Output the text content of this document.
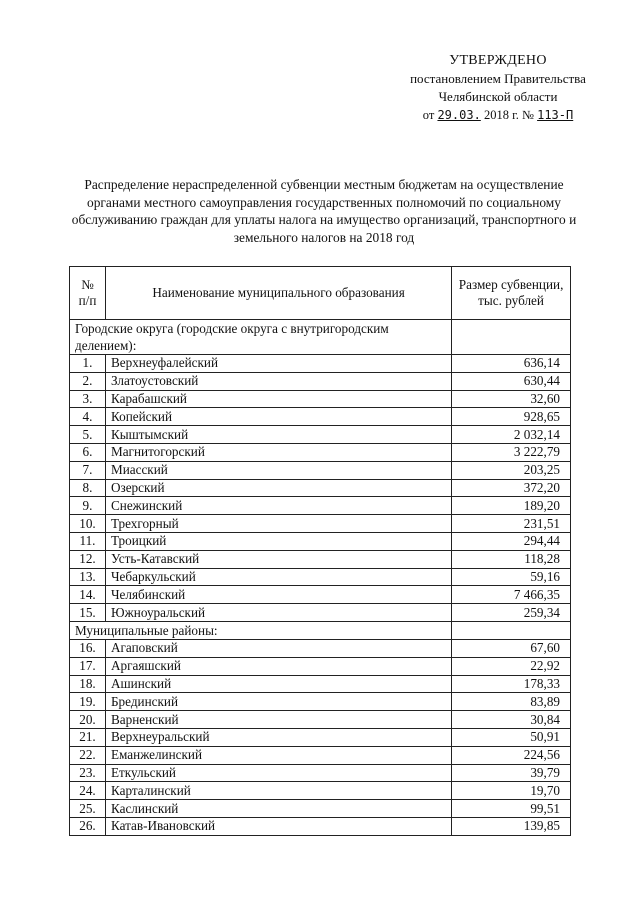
УТВЕРЖДЕНО
постановлением Правительства
Челябинской области
от 29.03. 2018 г. № 113-П
Распределение нераспределенной субвенции местным бюджетам на осуществление органами местного самоуправления государственных полномочий по социальному обслуживанию граждан для уплаты налога на имущество организаций, транспортного и земельного налогов на 2018 год
№ п/п	Наименование муниципального образования	Размер субвенции, тыс. рублей
Городские округа (городские округа с внутригородским делением):		
1.	Верхнеуфалейский	636,14
2.	Златоустовский	630,44
3.	Карабашский	32,60
4.	Копейский	928,65
5.	Кыштымский	2 032,14
6.	Магнитогорский	3 222,79
7.	Миасский	203,25
8.	Озерский	372,20
9.	Снежинский	189,20
10.	Трехгорный	231,51
11.	Троицкий	294,44
12.	Усть-Катавский	118,28
13.	Чебаркульский	59,16
14.	Челябинский	7 466,35
15.	Южноуральский	259,34
Муниципальные районы:		
16.	Агаповский	67,60
17.	Аргаяшский	22,92
18.	Ашинский	178,33
19.	Брединский	83,89
20.	Варненский	30,84
21.	Верхнеуральский	50,91
22.	Еманжелинский	224,56
23.	Еткульский	39,79
24.	Карталинский	19,70
25.	Каслинский	99,51
26.	Катав-Ивановский	139,85
